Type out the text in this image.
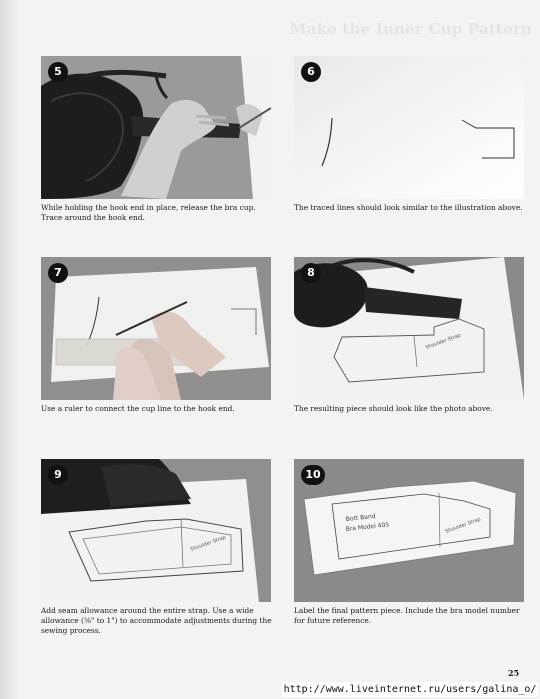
Make the Inner Cup Pattern
5
While holding the hook end in place, release the bra cup. Trace around the hook end.
6
The traced lines should look similar to the illustration above.
7
Use a ruler to connect the cup line to the hook end.
Shoulder Strap
8
The resulting piece should look like the photo above.
Shoulder Strap
9
Add seam allowance around the entire strap. Use a wide allowance (⅜" to 1") to accommodate adjustments during the sewing process.
Bott Band
Bra Model 405	Shoulder Strap
10
Label the final pattern piece. Include the bra model number for future reference.
25
http://www.liveinternet.ru/users/galina_o/
